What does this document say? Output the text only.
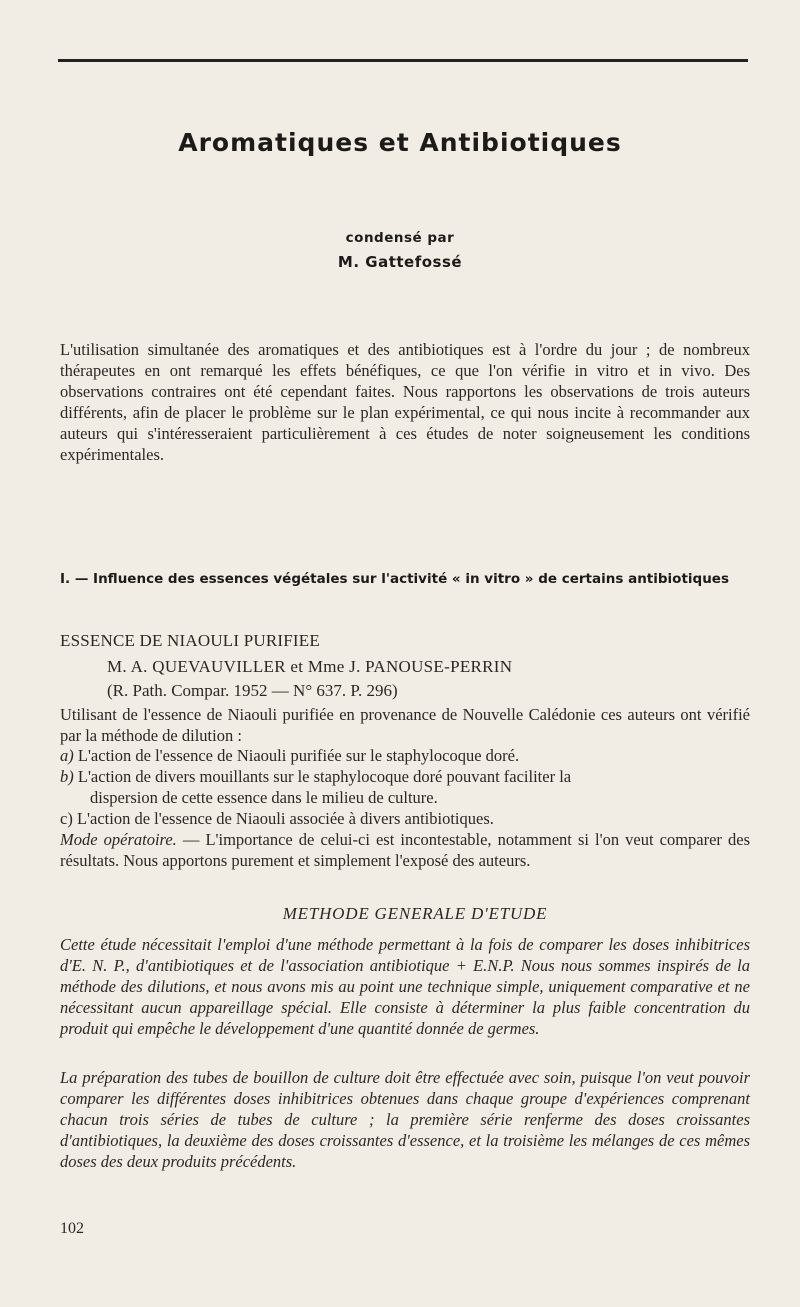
Aromatiques et Antibiotiques
condensé par
M. Gattefossé

L'utilisation simultanée des aromatiques et des antibiotiques est à l'ordre du jour ; de nombreux thérapeutes en ont remarqué les effets bénéfiques, ce que l'on vérifie in vitro et in vivo. Des observations contraires ont été cependant faites. Nous rapportons les observations de trois auteurs différents, afin de placer le problème sur le plan expérimental, ce qui nous incite à recommander aux auteurs qui s'intéresseraient particulièrement à ces études de noter soigneusement les conditions expérimentales.

I. — Influence des essences végétales sur l'activité « in vitro » de certains antibiotiques

ESSENCE DE NIAOULI PURIFIEE

M. A. QUEVAUVILLER et Mme J. PANOUSE-PERRIN

(R. Path. Compar. 1952 — N° 637. P. 296)

Utilisant de l'essence de Niaouli purifiée en provenance de Nouvelle Calédonie ces auteurs ont vérifié par la méthode de dilution :

a) L'action de l'essence de Niaouli purifiée sur le staphylocoque doré.

b) L'action de divers mouillants sur le staphylocoque doré pouvant faciliter la
dispersion de cette essence dans le milieu de culture.

c) L'action de l'essence de Niaouli associée à divers antibiotiques.

Mode opératoire. — L'importance de celui-ci est incontestable, notamment si l'on veut comparer des résultats. Nous apportons purement et simplement l'exposé des auteurs.

METHODE GENERALE D'ETUDE

Cette étude nécessitait l'emploi d'une méthode permettant à la fois de comparer les doses inhibitrices d'E. N. P., d'antibiotiques et de l'association antibiotique + E.N.P. Nous nous sommes inspirés de la méthode des dilutions, et nous avons mis au point une technique simple, uniquement comparative et ne nécessitant aucun appareillage spécial. Elle consiste à déterminer la plus faible concentration du produit qui empêche le développement d'une quantité donnée de germes.

La préparation des tubes de bouillon de culture doit être effectuée avec soin, puisque l'on veut pouvoir comparer les différentes doses inhibitrices obtenues dans chaque groupe d'expériences comprenant chacun trois séries de tubes de culture ; la première série renferme des doses croissantes d'antibiotiques, la deuxième des doses croissantes d'essence, et la troisième les mélanges de ces mêmes doses des deux produits précédents.

102
